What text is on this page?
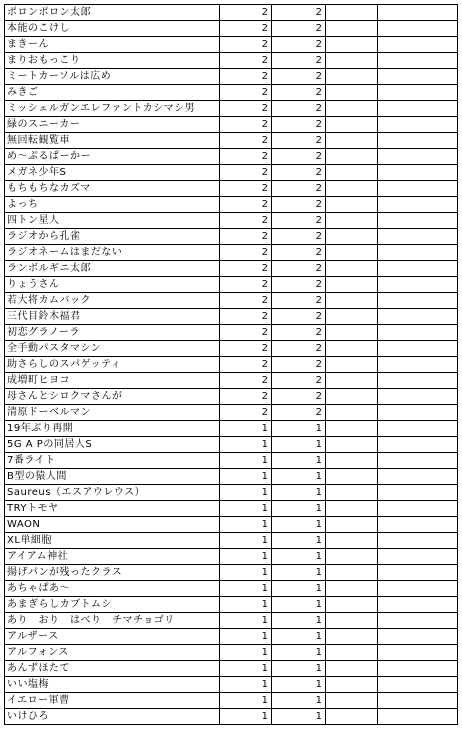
ポロンポロン太郎	2	2		
本能のこけし	2	2		
まきーん	2	2		
まりおもっこり	2	2		
ミートカーソルは広め	2	2		
みきご	2	2		
ミッシェルガンエレファントカシマシ男	2	2		
緑のスニーカー	2	2		
無回転観覧車	2	2		
め～ぷるぱーかー	2	2		
メガネ少年S	2	2		
もちもちなカズマ	2	2		
よっち	2	2		
四トン星人	2	2		
ラジオから孔雀	2	2		
ラジオネームはまだない	2	2		
ランボルギニ太郎	2	2		
りょうさん	2	2		
若大将カムバック	2	2		
三代目鈴木福君	2	2		
初恋グラノーラ	2	2		
全手動パスタマシン	2	2		
助さらしのスパゲッティ	2	2		
成増町ヒヨコ	2	2		
母さんとシロクマさんが	2	2		
清原ドーベルマン	2	2		
19年ぶり再開	1	1		
5G A Pの同居人S	1	1		
7番ライト	1	1		
B型の猿人間	1	1		
Saureus（エスアウレウス）	1	1		
TRYトモヤ	1	1		
WAON	1	1		
XL単細胞	1	1		
アイアム神社	1	1		
揚げパンが残ったクラス	1	1		
あちゃぱあ～	1	1		
あまぎらしカブトムシ	1	1		
あり　おり　はべり　チマチョゴリ	1	1		
アルザース	1	1		
アルフォンス	1	1		
あんずほたて	1	1		
いい塩梅	1	1		
イエロー軍曹	1	1		
いけひろ	1	1		
